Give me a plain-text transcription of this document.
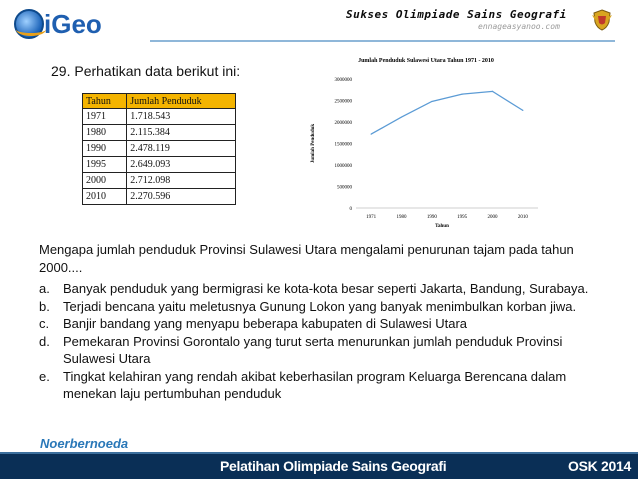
iGeo	Sukses Olimpiade Sains Geografi
ennageasyanoo.com
29. Perhatikan data berikut ini:
Tahun	Jumlah Penduduk
1971	1.718.543
1980	2.115.384
1990	2.478.119
1995	2.649.093
2000	2.712.098
2010	2.270.596
Jumlah Penduduk Sulawesi Utara Tahun 1971 - 2010
Jumlah Penduduk
Tahun
0
500000
1000000
1500000
2000000
2500000
3000000
1971	1980	1990	1995	2000	2010
Mengapa jumlah penduduk Provinsi Sulawesi Utara mengalami penurunan tajam pada tahun 2000....
a. Banyak penduduk yang bermigrasi ke kota-kota besar seperti Jakarta, Bandung, Surabaya.
b. Terjadi bencana yaitu meletusnya Gunung Lokon yang banyak menimbulkan korban jiwa.
c. Banjir bandang yang menyapu beberapa kabupaten di Sulawesi Utara
d. Pemekaran Provinsi Gorontalo yang turut serta menurunkan jumlah penduduk Provinsi Sulawesi Utara
e. Tingkat kelahiran yang rendah akibat keberhasilan program Keluarga Berencana dalam menekan laju pertumbuhan penduduk
Noerbernoeda
Pelatihan Olimpiade Sains Geografi	OSK 2014
